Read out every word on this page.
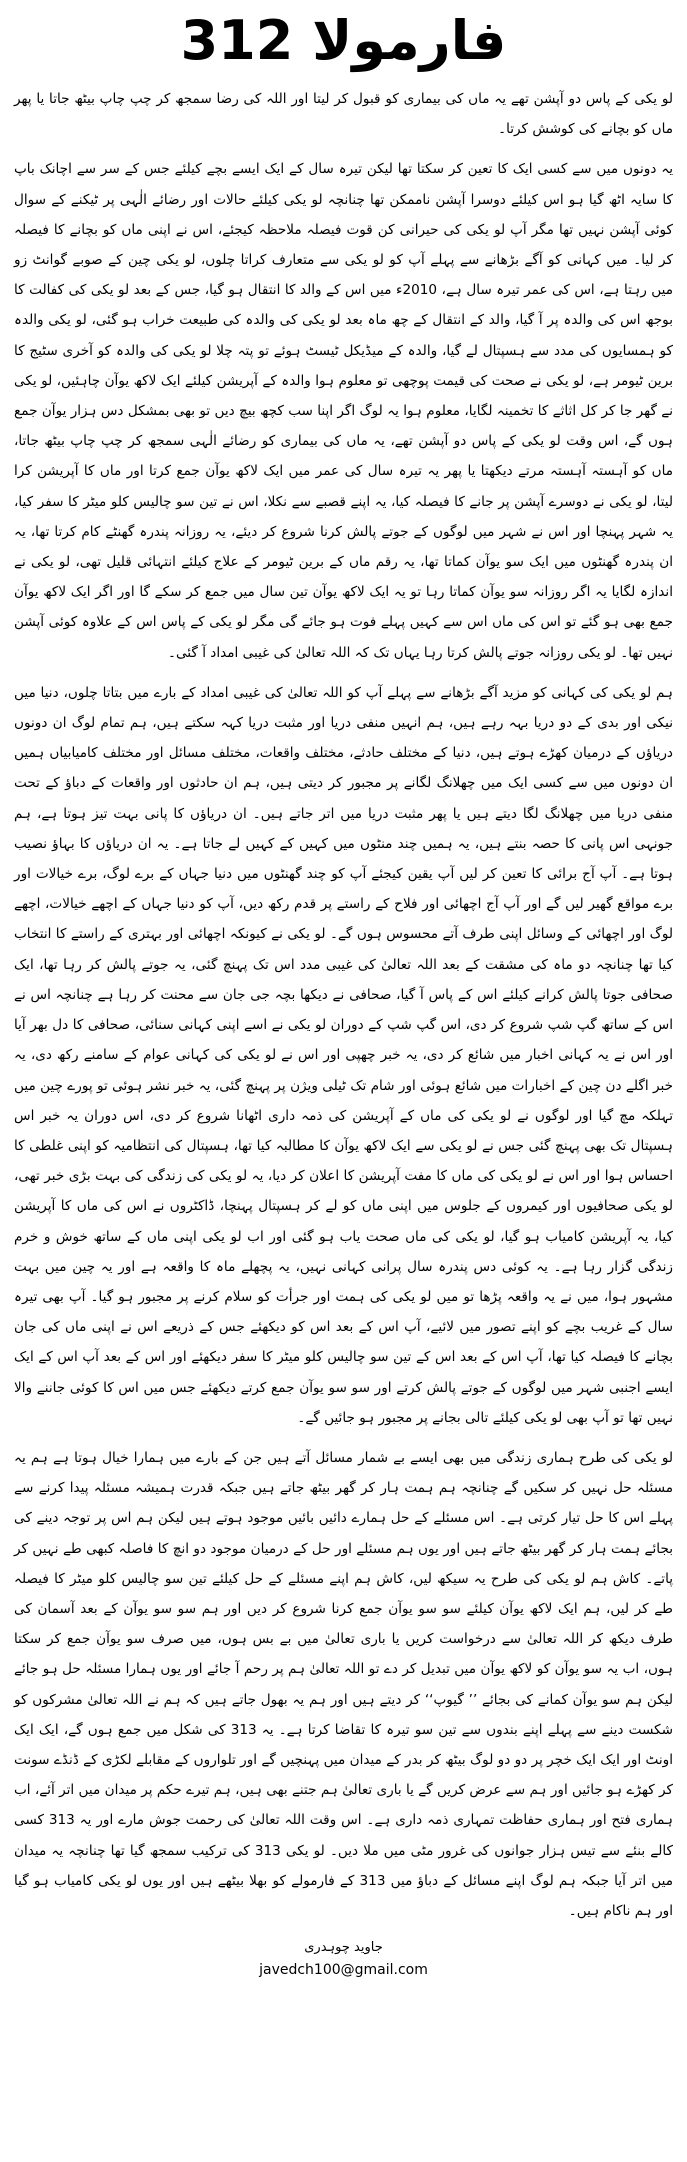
فارمولا 312

لو یکی کے پاس دو آپشن تھے یہ ماں کی بیماری کو قبول کر لیتا اور اللہ کی رضا سمجھ کر چپ چاپ بیٹھ جاتا یا پھر ماں کو بچانے کی کوشش کرتا۔

یہ دونوں میں سے کسی ایک کا تعین کر سکتا تھا لیکن تیرہ سال کے ایک ایسے بچے کیلئے جس کے سر سے اچانک باپ کا سایہ اٹھ گیا ہو اس کیلئے دوسرا آپشن ناممکن تھا چنانچہ لو یکی کیلئے حالات اور رضائے الٰہی پر ٹیکنے کے سوال کوئی آپشن نہیں تھا مگر آپ لو یکی کی حیرانی کن قوت فیصلہ ملاحظہ کیجئے، اس نے اپنی ماں کو بچانے کا فیصلہ کر لیا۔ میں کہانی کو آگے بڑھانے سے پہلے آپ کو لو یکی سے متعارف کراتا چلوں، لو یکی چین کے صوبے گوانٹ زو میں رہتا ہے، اس کی عمر تیرہ سال ہے، 2010ء میں اس کے والد کا انتقال ہو گیا، جس کے بعد لو یکی کی کفالت کا بوجھ اس کی والدہ پر آ گیا، والد کے انتقال کے چھ ماہ بعد لو یکی کی والدہ کی طبیعت خراب ہو گئی، لو یکی والدہ کو ہمسایوں کی مدد سے ہسپتال لے گیا، والدہ کے میڈیکل ٹیسٹ ہوئے تو پتہ چلا لو یکی کی والدہ کو آخری سٹیج کا برین ٹیومر ہے، لو یکی نے صحت کی قیمت پوچھی تو معلوم ہوا والدہ کے آپریشن کیلئے ایک لاکھ یوآن چاہئیں، لو یکی نے گھر جا کر کل اثاثے کا تخمینہ لگایا، معلوم ہوا یہ لوگ اگر اپنا سب کچھ بیچ دیں تو بھی بمشکل دس ہزار یوآن جمع ہوں گے، اس وقت لو یکی کے پاس دو آپشن تھے، یہ ماں کی بیماری کو رضائے الٰہی سمجھ کر چپ چاپ بیٹھ جاتا، ماں کو آہستہ آہستہ مرتے دیکھتا یا پھر یہ تیرہ سال کی عمر میں ایک لاکھ یوآن جمع کرتا اور ماں کا آپریشن کرا لیتا، لو یکی نے دوسرے آپشن پر جانے کا فیصلہ کیا، یہ اپنے قصبے سے نکلا، اس نے تین سو چالیس کلو میٹر کا سفر کیا، یہ شہر پہنچا اور اس نے شہر میں لوگوں کے جوتے پالش کرنا شروع کر دیئے، یہ روزانہ پندرہ گھنٹے کام کرتا تھا، یہ ان پندرہ گھنٹوں میں ایک سو یوآن کماتا تھا، یہ رقم ماں کے برین ٹیومر کے علاج کیلئے انتہائی قلیل تھی، لو یکی نے اندازہ لگایا یہ اگر روزانہ سو یوآن کماتا رہا تو یہ ایک لاکھ یوآن تین سال میں جمع کر سکے گا اور اگر ایک لاکھ یوآن جمع بھی ہو گئے تو اس کی ماں اس سے کہیں پہلے فوت ہو جائے گی مگر لو یکی کے پاس اس کے علاوہ کوئی آپشن نہیں تھا۔ لو یکی روزانہ جوتے پالش کرتا رہا یہاں تک کہ اللہ تعالیٰ کی غیبی امداد آ گئی۔

ہم لو یکی کی کہانی کو مزید آگے بڑھانے سے پہلے آپ کو اللہ تعالیٰ کی غیبی امداد کے بارے میں بتاتا چلوں، دنیا میں نیکی اور بدی کے دو دریا بہہ رہے ہیں، ہم انہیں منفی دریا اور مثبت دریا کہہ سکتے ہیں، ہم تمام لوگ ان دونوں دریاؤں کے درمیان کھڑے ہوتے ہیں، دنیا کے مختلف حادثے، مختلف واقعات، مختلف مسائل اور مختلف کامیابیاں ہمیں ان دونوں میں سے کسی ایک میں چھلانگ لگانے پر مجبور کر دیتی ہیں، ہم ان حادثوں اور واقعات کے دباؤ کے تحت منفی دریا میں چھلانگ لگا دیتے ہیں یا پھر مثبت دریا میں اتر جاتے ہیں۔ ان دریاؤں کا پانی بہت تیز ہوتا ہے، ہم جونہی اس پانی کا حصہ بنتے ہیں، یہ ہمیں چند منٹوں میں کہیں کے کہیں لے جاتا ہے۔ یہ ان دریاؤں کا بہاؤ نصیب ہوتا ہے۔ آپ آج برائی کا تعین کر لیں آپ یقین کیجئے آپ کو چند گھنٹوں میں دنیا جہاں کے برے لوگ، برے خیالات اور برے مواقع گھیر لیں گے اور آپ آج اچھائی اور فلاح کے راستے پر قدم رکھ دیں، آپ کو دنیا جہاں کے اچھے خیالات، اچھے لوگ اور اچھائی کے وسائل اپنی طرف آتے محسوس ہوں گے۔ لو یکی نے کیونکہ اچھائی اور بہتری کے راستے کا انتخاب کیا تھا چنانچہ دو ماہ کی مشقت کے بعد اللہ تعالیٰ کی غیبی مدد اس تک پہنچ گئی، یہ جوتے پالش کر رہا تھا، ایک صحافی جوتا پالش کرانے کیلئے اس کے پاس آ گیا، صحافی نے دیکھا بچہ جی جان سے محنت کر رہا ہے چنانچہ اس نے اس کے ساتھ گپ شپ شروع کر دی، اس گپ شپ کے دوران لو یکی نے اسے اپنی کہانی سنائی، صحافی کا دل بھر آیا اور اس نے یہ کہانی اخبار میں شائع کر دی، یہ خبر چھپی اور اس نے لو یکی کی کہانی عوام کے سامنے رکھ دی، یہ خبر اگلے دن چین کے اخبارات میں شائع ہوئی اور شام تک ٹیلی ویژن پر پہنچ گئی، یہ خبر نشر ہوئی تو پورے چین میں تہلکہ مچ گیا اور لوگوں نے لو یکی کی ماں کے آپریشن کی ذمہ داری اٹھانا شروع کر دی، اس دوران یہ خبر اس ہسپتال تک بھی پہنچ گئی جس نے لو یکی سے ایک لاکھ یوآن کا مطالبہ کیا تھا، ہسپتال کی انتظامیہ کو اپنی غلطی کا احساس ہوا اور اس نے لو یکی کی ماں کا مفت آپریشن کا اعلان کر دیا، یہ لو یکی کی زندگی کی بہت بڑی خبر تھی، لو یکی صحافیوں اور کیمروں کے جلوس میں اپنی ماں کو لے کر ہسپتال پہنچا، ڈاکٹروں نے اس کی ماں کا آپریشن کیا، یہ آپریشن کامیاب ہو گیا، لو یکی کی ماں صحت یاب ہو گئی اور اب لو یکی اپنی ماں کے ساتھ خوش و خرم زندگی گزار رہا ہے۔ یہ کوئی دس پندرہ سال پرانی کہانی نہیں، یہ پچھلے ماہ کا واقعہ ہے اور یہ چین میں بہت مشہور ہوا، میں نے یہ واقعہ پڑھا تو میں لو یکی کی ہمت اور جرأت کو سلام کرنے پر مجبور ہو گیا۔ آپ بھی تیرہ سال کے غریب بچے کو اپنے تصور میں لائیے، آپ اس کے بعد اس کو دیکھئے جس کے ذریعے اس نے اپنی ماں کی جان بچانے کا فیصلہ کیا تھا، آپ اس کے بعد اس کے تین سو چالیس کلو میٹر کا سفر دیکھئے اور اس کے بعد آپ اس کے ایک ایسے اجنبی شہر میں لوگوں کے جوتے پالش کرتے اور سو سو یوآن جمع کرتے دیکھئے جس میں اس کا کوئی جاننے والا نہیں تھا تو آپ بھی لو یکی کیلئے تالی بجانے پر مجبور ہو جائیں گے۔

لو یکی کی طرح ہماری زندگی میں بھی ایسے بے شمار مسائل آتے ہیں جن کے بارے میں ہمارا خیال ہوتا ہے ہم یہ مسئلہ حل نہیں کر سکیں گے چنانچہ ہم ہمت ہار کر گھر بیٹھ جاتے ہیں جبکہ قدرت ہمیشہ مسئلہ پیدا کرنے سے پہلے اس کا حل تیار کرتی ہے۔ اس مسئلے کے حل ہمارے دائیں بائیں موجود ہوتے ہیں لیکن ہم اس پر توجہ دینے کی بجائے ہمت ہار کر گھر بیٹھ جاتے ہیں اور یوں ہم مسئلے اور حل کے درمیان موجود دو انچ کا فاصلہ کبھی طے نہیں کر پاتے۔ کاش ہم لو یکی کی طرح یہ سیکھ لیں، کاش ہم اپنے مسئلے کے حل کیلئے تین سو چالیس کلو میٹر کا فیصلہ طے کر لیں، ہم ایک لاکھ یوآن کیلئے سو سو یوآن جمع کرنا شروع کر دیں اور ہم سو سو یوآن کے بعد آسمان کی طرف دیکھ کر اللہ تعالیٰ سے درخواست کریں یا باری تعالیٰ میں بے بس ہوں، میں صرف سو یوآن جمع کر سکتا ہوں، اب یہ سو یوآن کو لاکھ یوآن میں تبدیل کر دے تو اللہ تعالیٰ ہم پر رحم آ جائے اور یوں ہمارا مسئلہ حل ہو جائے لیکن ہم سو یوآن کمانے کی بجائے ’’ گیوپ‘‘ کر دیتے ہیں اور ہم یہ بھول جاتے ہیں کہ ہم نے اللہ تعالیٰ مشرکوں کو شکست دینے سے پہلے اپنے بندوں سے تین سو تیرہ کا تقاضا کرتا ہے۔ یہ 313 کی شکل میں جمع ہوں گے، ایک ایک اونٹ اور ایک ایک خچر پر دو دو لوگ بیٹھ کر بدر کے میدان میں پہنچیں گے اور تلواروں کے مقابلے لکڑی کے ڈنڈے سونت کر کھڑے ہو جائیں اور ہم سے عرض کریں گے یا باری تعالیٰ ہم جتنے بھی ہیں، ہم تیرے حکم پر میدان میں اتر آئے، اب ہماری فتح اور ہماری حفاظت تمہاری ذمہ داری ہے۔ اس وقت اللہ تعالیٰ کی رحمت جوش مارے اور یہ 313 کسی کالے بنئے سے تیس ہزار جوانوں کی غرور مٹی میں ملا دیں۔ لو یکی 313 کی ترکیب سمجھ گیا تھا چنانچہ یہ میدان میں اتر آیا جبکہ ہم لوگ اپنے مسائل کے دباؤ میں 313 کے فارمولے کو بھلا بیٹھے ہیں اور یوں لو یکی کامیاب ہو گیا اور ہم ناکام ہیں۔

جاوید چوہدری
javedch100@gmail.com
